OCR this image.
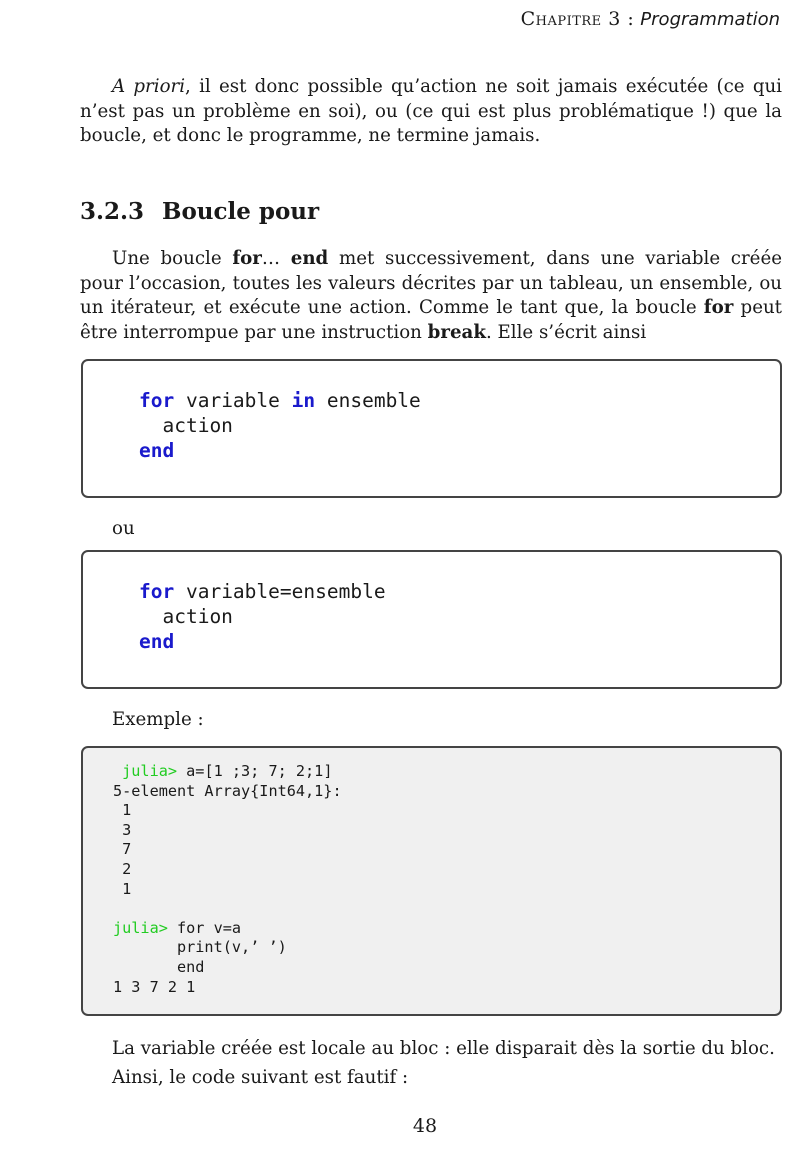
Chapitre 3 : Programmation
A priori, il est donc possible qu’action ne soit jamais exécutée (ce qui n’est pas un problème en soi), ou (ce qui est plus problématique !) que la boucle, et donc le programme, ne termine jamais.
3.2.3 Boucle pour
Une boucle for… end met successivement, dans une variable créée pour l’occasion, toutes les valeurs décrites par un tableau, un ensemble, ou un itérateur, et exécute une action. Comme le tant que, la boucle for peut être interrompue par une instruction break. Elle s’écrit ainsi
for variable in ensemble
action
end
ou
for variable=ensemble
action
end
Exemple :
julia> a=[1 ;3; 7; 2;1]
5-element Array{Int64,1}:
1
3
7
2
1

julia> for v=a
print(v,’ ’)
end
1 3 7 2 1
La variable créée est locale au bloc : elle disparait dès la sortie du bloc.
Ainsi, le code suivant est fautif :
48
